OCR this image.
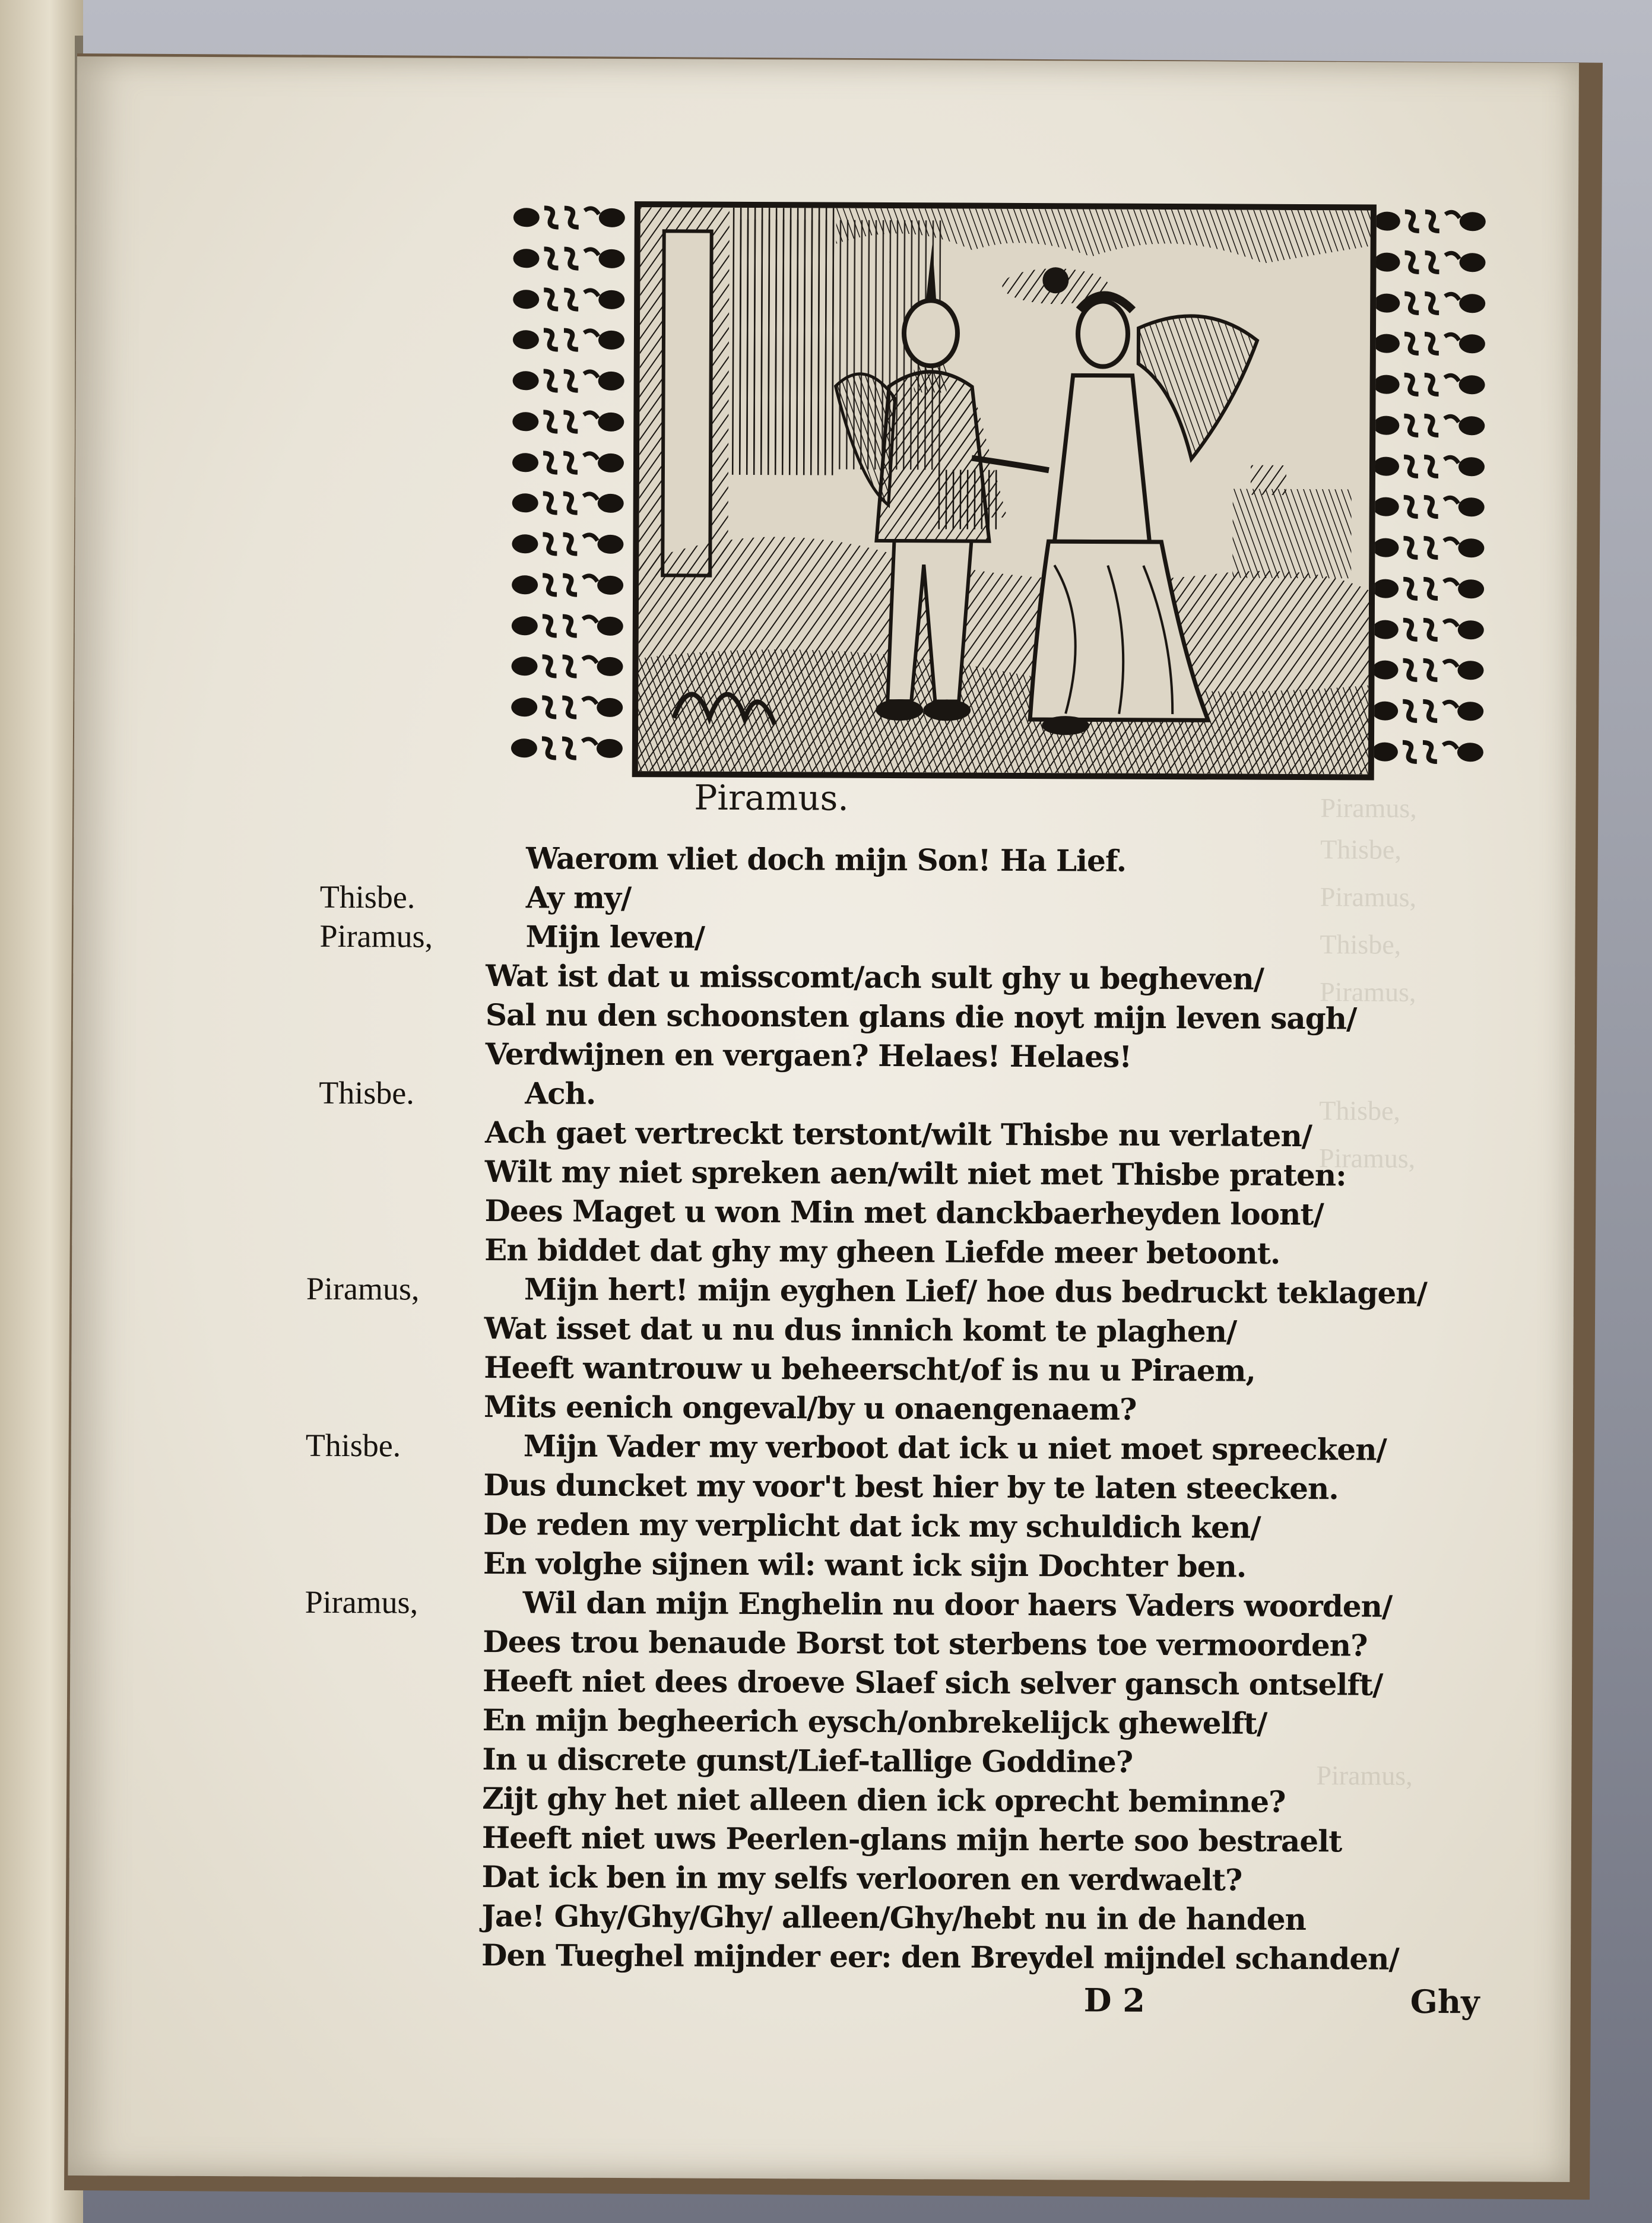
Piramus,
Thisbe,
Piramus,
Thisbe,
Piramus,
Thisbe,
Piramus,
Piramus,
Piramus.
Waerom vliet doch mijn Son! Ha Lief.
Ay my/
Mijn leven/
Wat ist dat u misscomt/ach sult ghy u begheven/
Sal nu den schoonsten glans die noyt mijn leven sagh/
Verdwijnen en vergaen? Helaes! Helaes!
Ach.
Ach gaet vertreckt terstont/wilt Thisbe nu verlaten/
Wilt my niet spreken aen/wilt niet met Thisbe praten:
Dees Maget u won Min met danckbaerheyden loont/
En biddet dat ghy my gheen Liefde meer betoont.
Mijn hert! mijn eyghen Lief/ hoe dus bedruckt teklagen/
Wat isset dat u nu dus innich komt te plaghen/
Heeft wantrouw u beheerscht/of is nu u Piraem,
Mits eenich ongeval/by u onaengenaem?
Mijn Vader my verboot dat ick u niet moet spreecken/
Dus duncket my voor't best hier by te laten steecken.
De reden my verplicht dat ick my schuldich ken/
En volghe sijnen wil: want ick sijn Dochter ben.
Wil dan mijn Enghelin nu door haers Vaders woorden/
Dees trou benaude Borst tot sterbens toe vermoorden?
Heeft niet dees droeve Slaef sich selver gansch ontselft/
En mijn begheerich eysch/onbrekelijck ghewelft/
In u discrete gunst/Lief-tallige Goddine?
Zijt ghy het niet alleen dien ick oprecht beminne?
Heeft niet uws Peerlen-glans mijn herte soo bestraelt
Dat ick ben in my selfs verlooren en verdwaelt?
Jae! Ghy/Ghy/Ghy/ alleen/Ghy/hebt nu in de handen
Den Tueghel mijnder eer: den Breydel mijndel schanden/
Thisbe.
Piramus,
Thisbe.
Piramus,
Thisbe.
Piramus,
D 2	Ghy
